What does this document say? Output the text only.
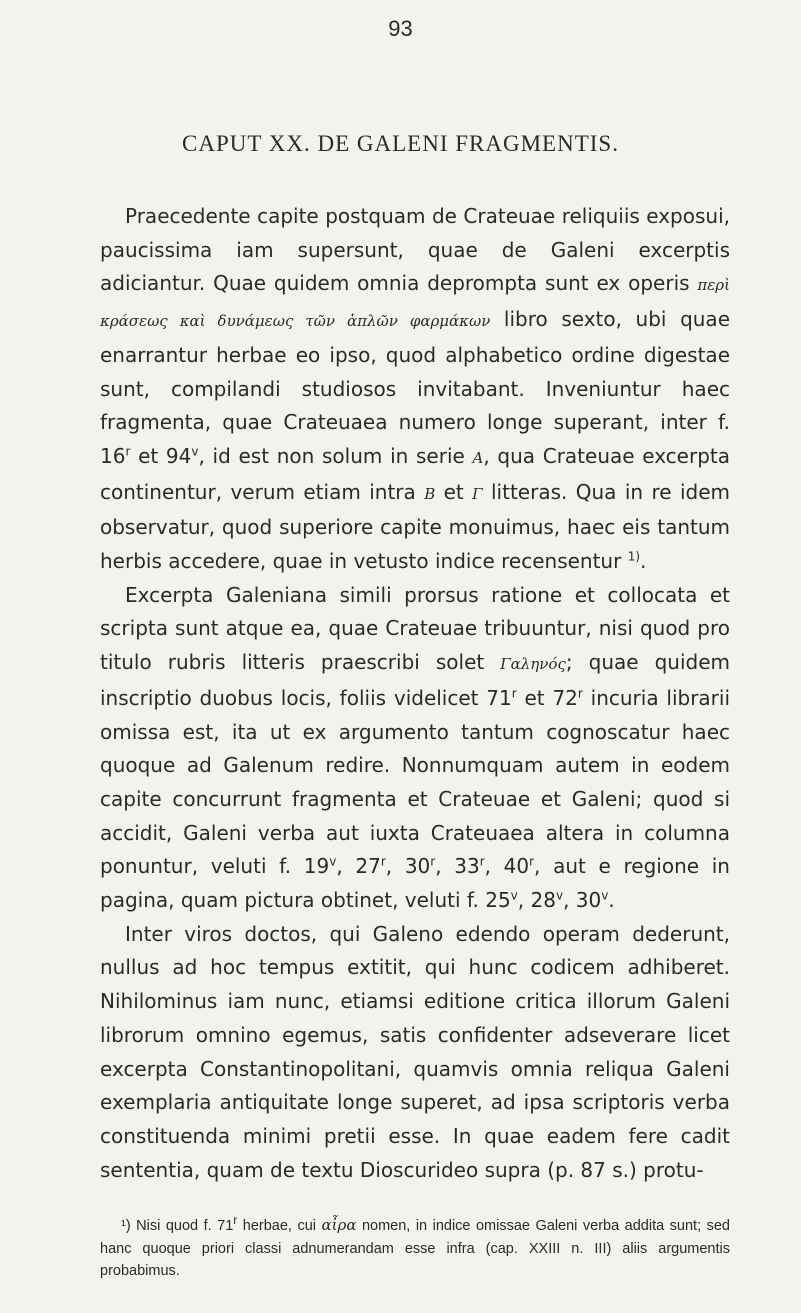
93
CAPUT XX. DE GALENI FRAGMENTIS.

Praecedente capite postquam de Crateuae reliquiis exposui, paucissima iam supersunt, quae de Galeni excerptis adiciantur. Quae quidem omnia deprompta sunt ex operis περὶ κράσεως καὶ δυνάμεως τῶν ἁπλῶν φαρμάκων libro sexto, ubi quae enarrantur herbae eo ipso, quod alphabetico ordine digestae sunt, compilandi studiosos invitabant. Inveniuntur haec fragmenta, quae Crateuaea numero longe superant, inter f. 16$^r$ et 94$^v$, id est non solum in serie Α, qua Crateuae excerpta continentur, verum etiam intra Β et Γ litteras. Qua in re idem observatur, quod superiore capite monuimus, haec eis tantum herbis accedere, quae in vetusto indice recensentur $^{1)}$.

Excerpta Galeniana simili prorsus ratione et collocata et scripta sunt atque ea, quae Crateuae tribuuntur, nisi quod pro titulo rubris litteris praescribi solet Γαληνός; quae quidem inscriptio duobus locis, foliis videlicet 71$^r$ et 72$^r$ incuria librarii omissa est, ita ut ex argumento tantum cognoscatur haec quoque ad Galenum redire. Nonnumquam autem in eodem capite concurrunt fragmenta et Crateuae et Galeni; quod si accidit, Galeni verba aut iuxta Crateuaea altera in columna ponuntur, veluti f. 19$^v$, 27$^r$, 30$^r$, 33$^r$, 40$^r$, aut e regione in pagina, quam pictura obtinet, veluti f. 25$^v$, 28$^v$, 30$^v$.

Inter viros doctos, qui Galeno edendo operam dederunt, nullus ad hoc tempus extitit, qui hunc codicem adhiberet. Nihilominus iam nunc, etiamsi editione critica illorum Galeni librorum omnino egemus, satis confidenter adseverare licet excerpta Constantinopolitani, quamvis omnia reliqua Galeni exemplaria antiquitate longe superet, ad ipsa scriptoris verba constituenda minimi pretii esse. In quae eadem fere cadit sententia, quam de textu Dioscurideo supra (p. 87 s.) protu-

¹) Nisi quod f. 71$^r$ herbae, cui αἶρα nomen, in indice omissae Galeni verba addita sunt; sed hanc quoque priori classi adnumerandam esse infra (cap. XXIII n. III) aliis argumentis probabimus.
